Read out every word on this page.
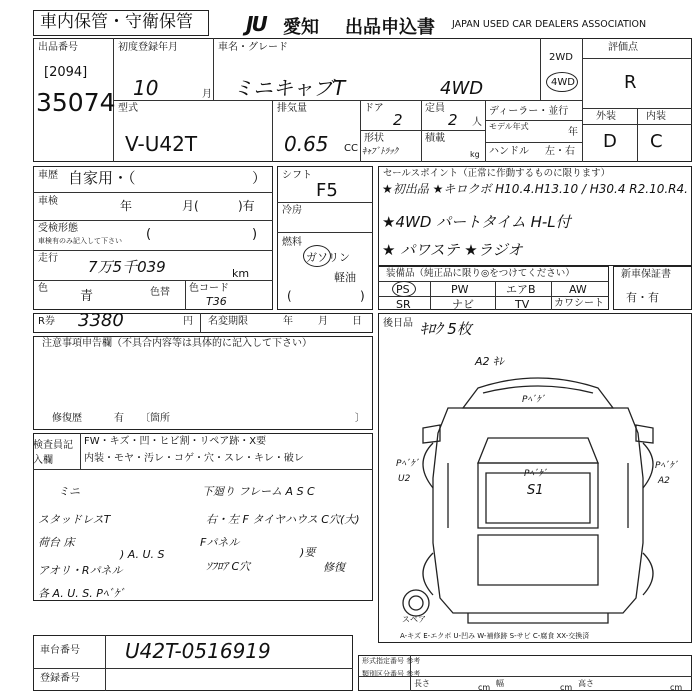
車内保管・守衛保管	JU 愛知 出品申込書 JAPAN USED CAR DEALERS ASSOCIATION
出品番号
[2094]
35074
初度登録年月
10	月
車名・グレード
ミニキャブT	4WD
2WD
4WD
評価点
R
外装	内装
D C
型式
V-U42T
排気量
0.65 CC
ドア
2
定員
2 人
形状
ｷｬﾌﾞﾄﾗｯｸ
積載
kg
ディーラー・並行
モデル年式
年
ハンドル 左・右
車歴 自家用・（	）
車検	年	月(	)有
受検形態
車検有のみ記入して下さい (	)
走行 7万5千039	km
色
青	色替 色コード
T36
シフト
F5
冷房
燃料
ガソリン
軽油
(	)
セールスポイント（正常に作動するものに限ります）
★初出品 ★キロクボ H10.4.H13.10 / H30.4 R2.10.R4.
★4WD パートタイム H-L付
★ パワステ ★ラジオ
装備品（純正品に限り◎をつけてください）
PS	PW	エアB	AW
SR	ナビ	TV カワシート
新車保証書
有・有
R券 3380	円 名変期限	年	月 日
注意事項申告欄（不具合内容等は具体的に記入して下さい）
修復歴	有 〔箇所	〕
検査員記入欄
FW・キズ・凹・ヒビ割・リペア跡・X要
内装・モヤ・汚レ・コゲ・穴・スレ・キレ・破レ
ミニ
スタッドレスT
荷台 床
アオリ・Rパネル
各 A. U. S. Pﾍﾞｹﾞ
下廻り フレーム A S C
右・左 F タイヤハウス C穴(大)
Fパネル
ｿﾌﾛｱ C穴	修復
) A. U. S	)要
後日品 ｷﾛｸ 5枚
A2 ｷﾚ
Pﾍﾞｹﾞ
Pﾍﾞｹﾞ
S1
Pﾍﾞｹﾞ
U2
Pﾍﾞｹﾞ
A2
スペア
A-キズ E-エクボ U-凹み W-補修跡 S-サビ C-腐食 XX-交換済
車台番号 U42T-0516919
登録番号
形式指定番号 参考
類別区分番号 参考
長さ	cm 幅	cm 高さ	cm
